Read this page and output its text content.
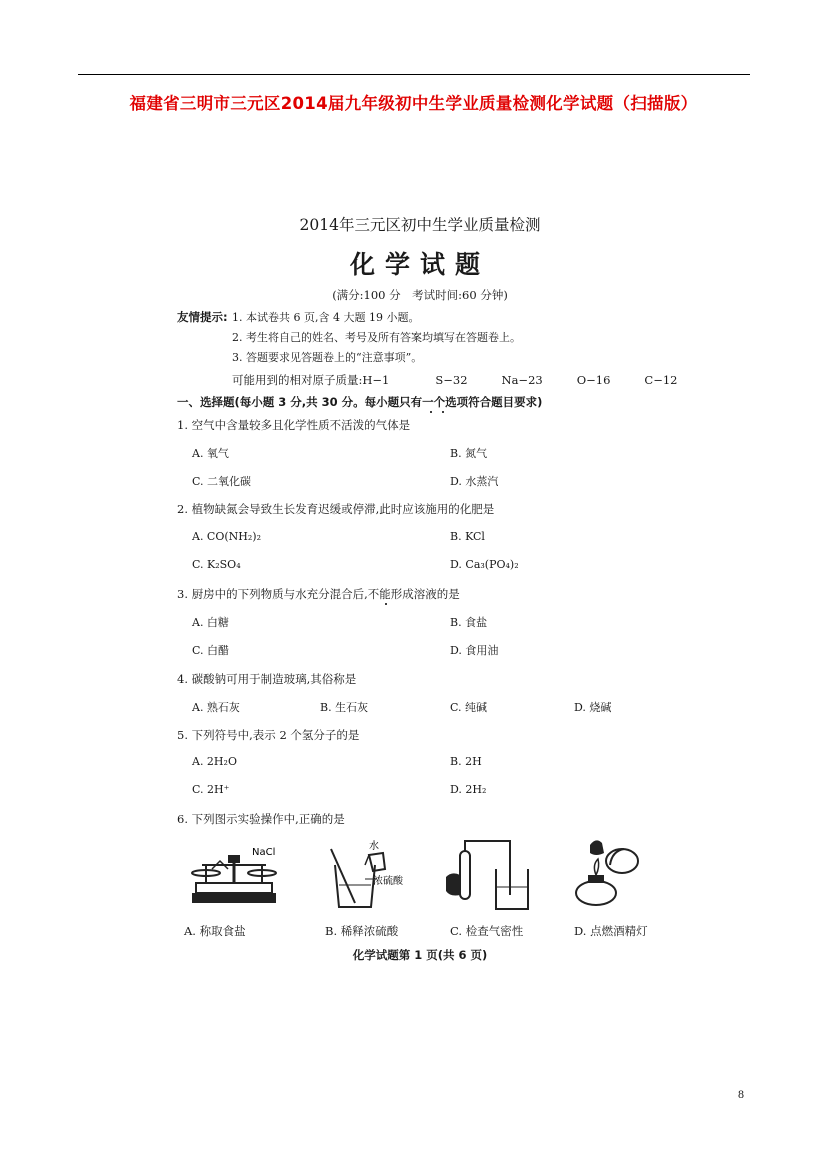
福建省三明市三元区2014届九年级初中生学业质量检测化学试题（扫描版）
2014年三元区初中生学业质量检测
化学试题
(满分:100 分　考试时间:60 分钟)
友情提示: 1. 本试卷共 6 页,含 4 大题 19 小题。
2. 考生将自己的姓名、考号及所有答案均填写在答题卷上。
3. 答题要求见答题卷上的“注意事项”。
可能用到的相对原子质量:H−1	S−32	Na−23	O−16	C−12
一、选择题(每小题 3 分,共 30 分。每小题只有一个选项符合题目要求)
1. 空气中含量较多且化学性质不活泼的气体是
A. 氧气	B. 氮气
C. 二氧化碳	D. 水蒸汽
2. 植物缺氮会导致生长发育迟缓或停滞,此时应该施用的化肥是
A. CO(NH₂)₂	B. KCl
C. K₂SO₄	D. Ca₃(PO₄)₂
3. 厨房中的下列物质与水充分混合后,不能形成溶液的是
A. 白糖	B. 食盐
C. 白醋	D. 食用油
4. 碳酸钠可用于制造玻璃,其俗称是
A. 熟石灰	B. 生石灰	C. 纯碱	D. 烧碱
5. 下列符号中,表示 2 个氢分子的是
A. 2H₂O	B. 2H
C. 2H⁺	D. 2H₂
6. 下列图示实验操作中,正确的是
NaCl
水
浓硫酸
A. 称取食盐	B. 稀释浓硫酸	C. 检查气密性	D. 点燃酒精灯
化学试题第 1 页(共 6 页)
8
